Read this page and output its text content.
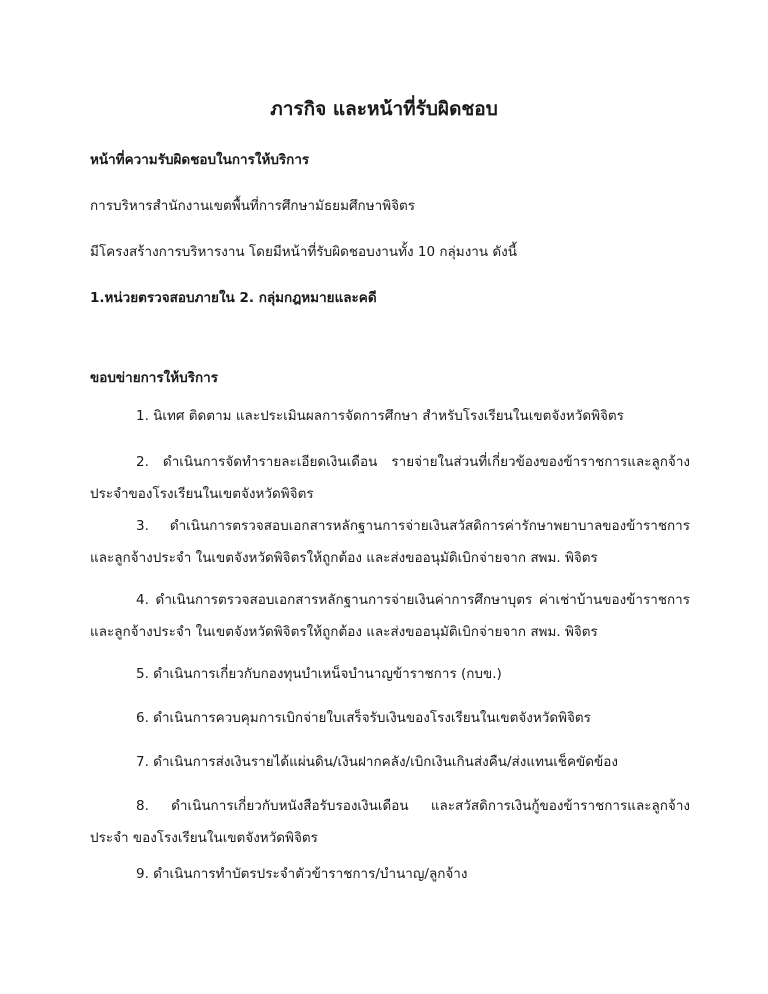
ภารกิจ และหน้าที่รับผิดชอบ
หน้าที่ความรับผิดชอบในการให้บริการ
การบริหารสำนักงานเขตพื้นที่การศึกษามัธยมศึกษาพิจิตร
มีโครงสร้างการบริหารงาน โดยมีหน้าที่รับผิดชอบงานทั้ง 10 กลุ่มงาน ดังนี้
1.หน่วยตรวจสอบภายใน 2. กลุ่มกฎหมายและคดี
ขอบข่ายการให้บริการ
1. นิเทศ ติดตาม และประเมินผลการจัดการศึกษา สำหรับโรงเรียนในเขตจังหวัดพิจิตร
2. ดำเนินการจัดทำรายละเอียดเงินเดือน รายจ่ายในส่วนที่เกี่ยวข้องของข้าราชการและลูกจ้างประจำของโรงเรียนในเขตจังหวัดพิจิตร
3. ดำเนินการตรวจสอบเอกสารหลักฐานการจ่ายเงินสวัสดิการค่ารักษาพยาบาลของข้าราชการและลูกจ้างประจำ ในเขตจังหวัดพิจิตรให้ถูกต้อง และส่งขออนุมัติเบิกจ่ายจาก สพม. พิจิตร
4. ดำเนินการตรวจสอบเอกสารหลักฐานการจ่ายเงินค่าการศึกษาบุตร ค่าเช่าบ้านของข้าราชการและลูกจ้างประจำ ในเขตจังหวัดพิจิตรให้ถูกต้อง และส่งขออนุมัติเบิกจ่ายจาก สพม. พิจิตร
5. ดำเนินการเกี่ยวกับกองทุนบำเหน็จบำนาญข้าราชการ (กบข.)
6. ดำเนินการควบคุมการเบิกจ่ายใบเสร็จรับเงินของโรงเรียนในเขตจังหวัดพิจิตร
7. ดำเนินการส่งเงินรายได้แผ่นดิน/เงินฝากคลัง/เบิกเงินเกินส่งคืน/ส่งแทนเช็คขัดข้อง
8. ดำเนินการเกี่ยวกับหนังสือรับรองเงินเดือน และสวัสดิการเงินกู้ของข้าราชการและลูกจ้างประจำ ของโรงเรียนในเขตจังหวัดพิจิตร
9. ดำเนินการทำบัตรประจำตัวข้าราชการ/บำนาญ/ลูกจ้าง
